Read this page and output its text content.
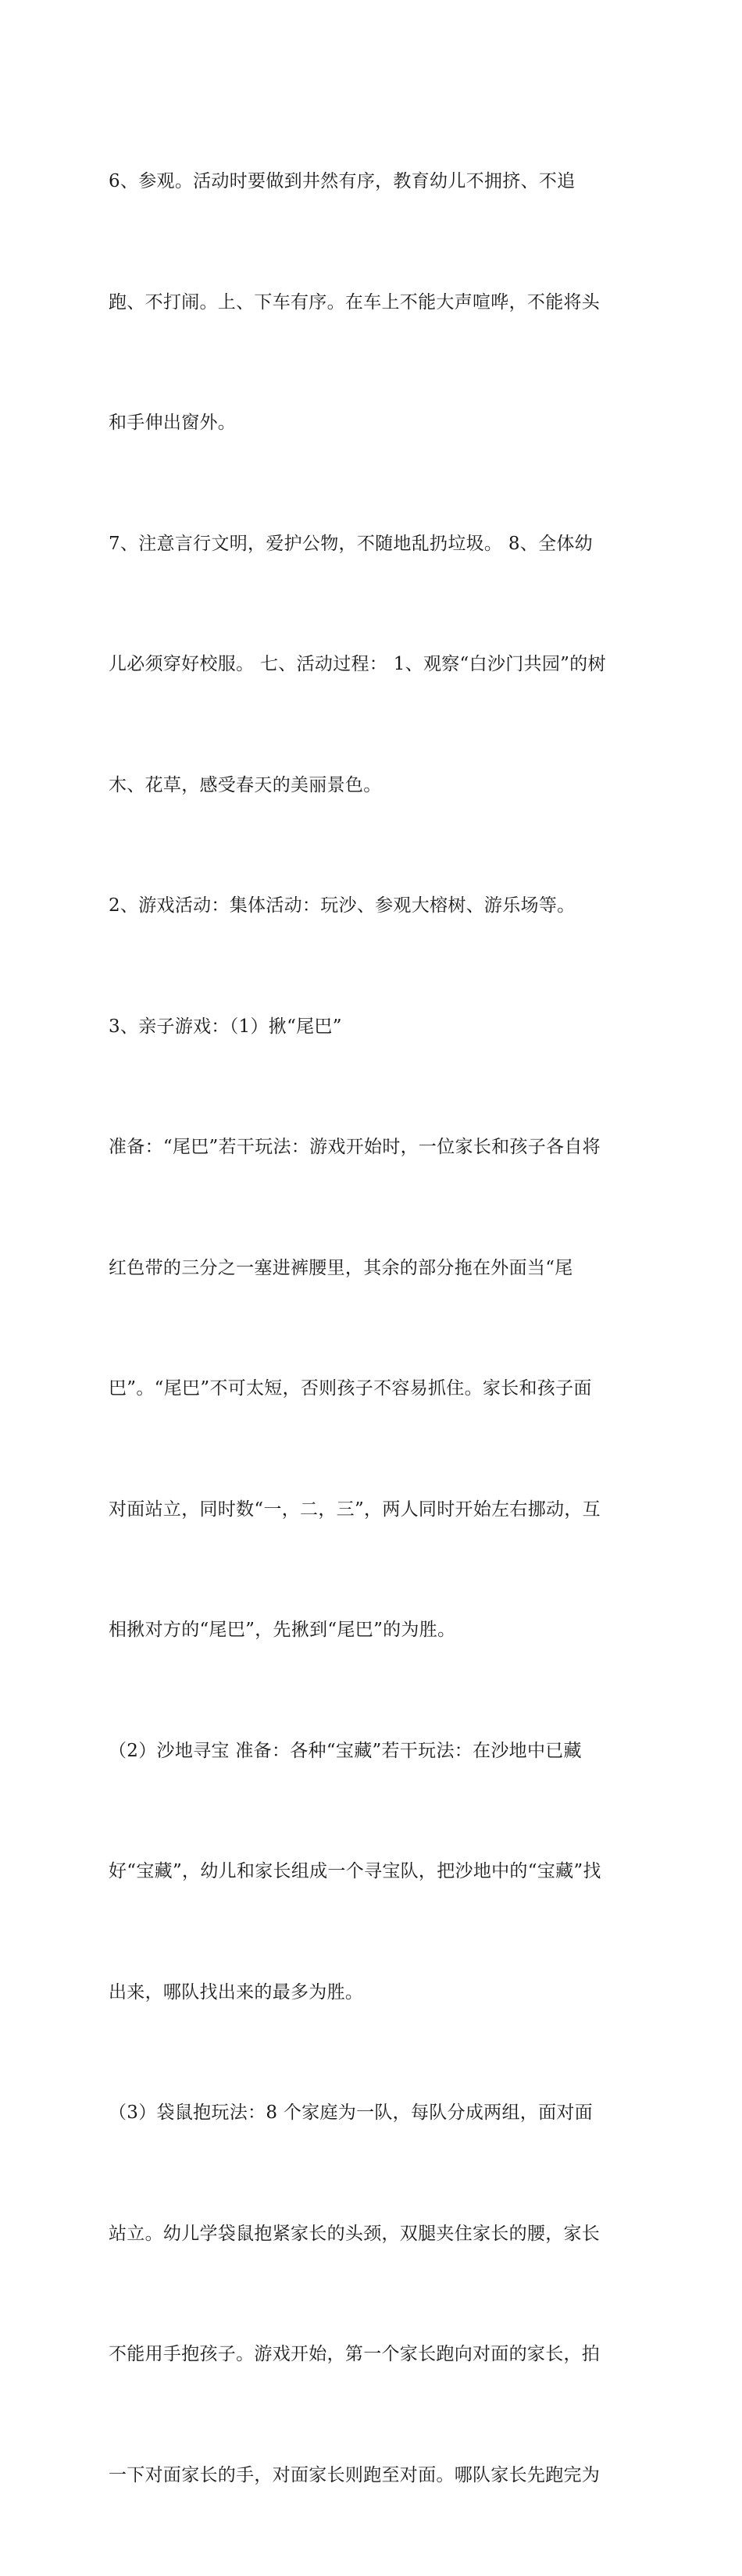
6、参观。活动时要做到井然有序，教育幼儿不拥挤、不追

跑、不打闹。上、下车有序。在车上不能大声喧哗，不能将头

和手伸出窗外。

7、注意言行文明，爱护公物，不随地乱扔垃圾。 8、全体幼

儿必须穿好校服。 七、活动过程： 1、观察“白沙门共园”的树

木、花草，感受春天的美丽景色。

2、游戏活动：集体活动：玩沙、参观大榕树、游乐场等。

3、亲子游戏：（1）揪“尾巴”

准备：“尾巴”若干玩法：游戏开始时，一位家长和孩子各自将

红色带的三分之一塞进裤腰里，其余的部分拖在外面当“尾

巴”。“尾巴”不可太短，否则孩子不容易抓住。家长和孩子面

对面站立，同时数“一，二，三”，两人同时开始左右挪动，互

相揪对方的“尾巴”，先揪到“尾巴”的为胜。

（2）沙地寻宝 准备：各种“宝藏”若干玩法：在沙地中已藏

好“宝藏”，幼儿和家长组成一个寻宝队，把沙地中的“宝藏”找

出来，哪队找出来的最多为胜。

（3）袋鼠抱玩法：8 个家庭为一队，每队分成两组，面对面

站立。幼儿学袋鼠抱紧家长的头颈，双腿夹住家长的腰，家长

不能用手抱孩子。游戏开始，第一个家长跑向对面的家长，拍

一下对面家长的手，对面家长则跑至对面。哪队家长先跑完为
